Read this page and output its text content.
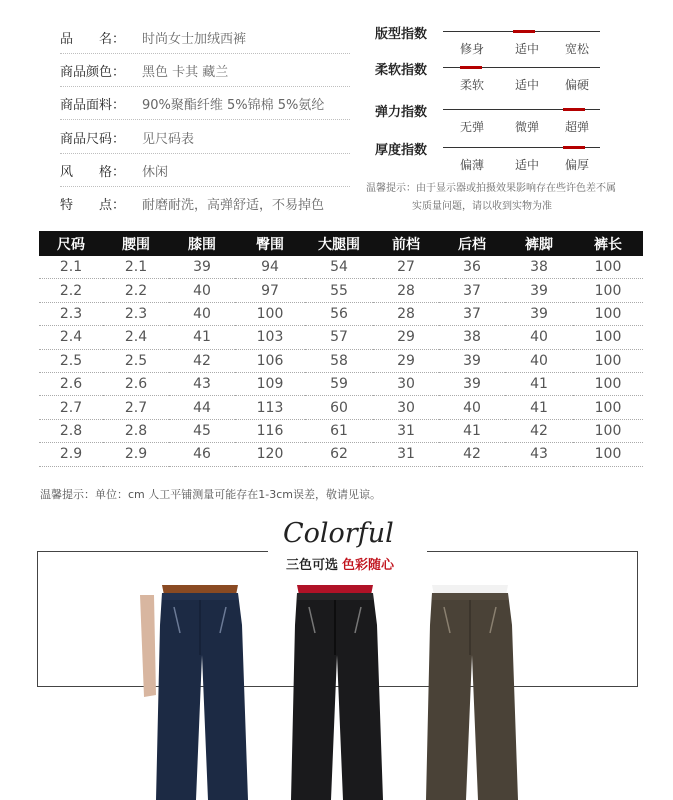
品　　名：	时尚女士加绒西裤
商品颜色：	黑色 卡其 藏兰
商品面料：	90%聚酯纤维 5%锦棉 5%氨纶
商品尺码：	见尺码表
风　　格：	休闲
特　　点：	耐磨耐洗，高弹舒适，不易掉色
版型指数
修身	适中	宽松
柔软指数
柔软	适中	偏硬
弹力指数
无弹	微弹	超弹
厚度指数
偏薄	适中	偏厚
温馨提示：由于显示器或拍摄效果影响存在些许色差不属
实质量问题，请以收到实物为准
尺码	腰围	膝围	臀围	大腿围	前档	后档	裤脚	裤长
2.1	2.1	39	94	54	27	36	38	100
2.2	2.2	40	97	55	28	37	39	100
2.3	2.3	40	100	56	28	37	39	100
2.4	2.4	41	103	57	29	38	40	100
2.5	2.5	42	106	58	29	39	40	100
2.6	2.6	43	109	59	30	39	41	100
2.7	2.7	44	113	60	30	40	41	100
2.8	2.8	45	116	61	31	41	42	100
2.9	2.9	46	120	62	31	42	43	100
温馨提示：单位：cm 人工平铺测量可能存在1-3cm误差，敬请见谅。
Colorful
三色可选 色彩随心
